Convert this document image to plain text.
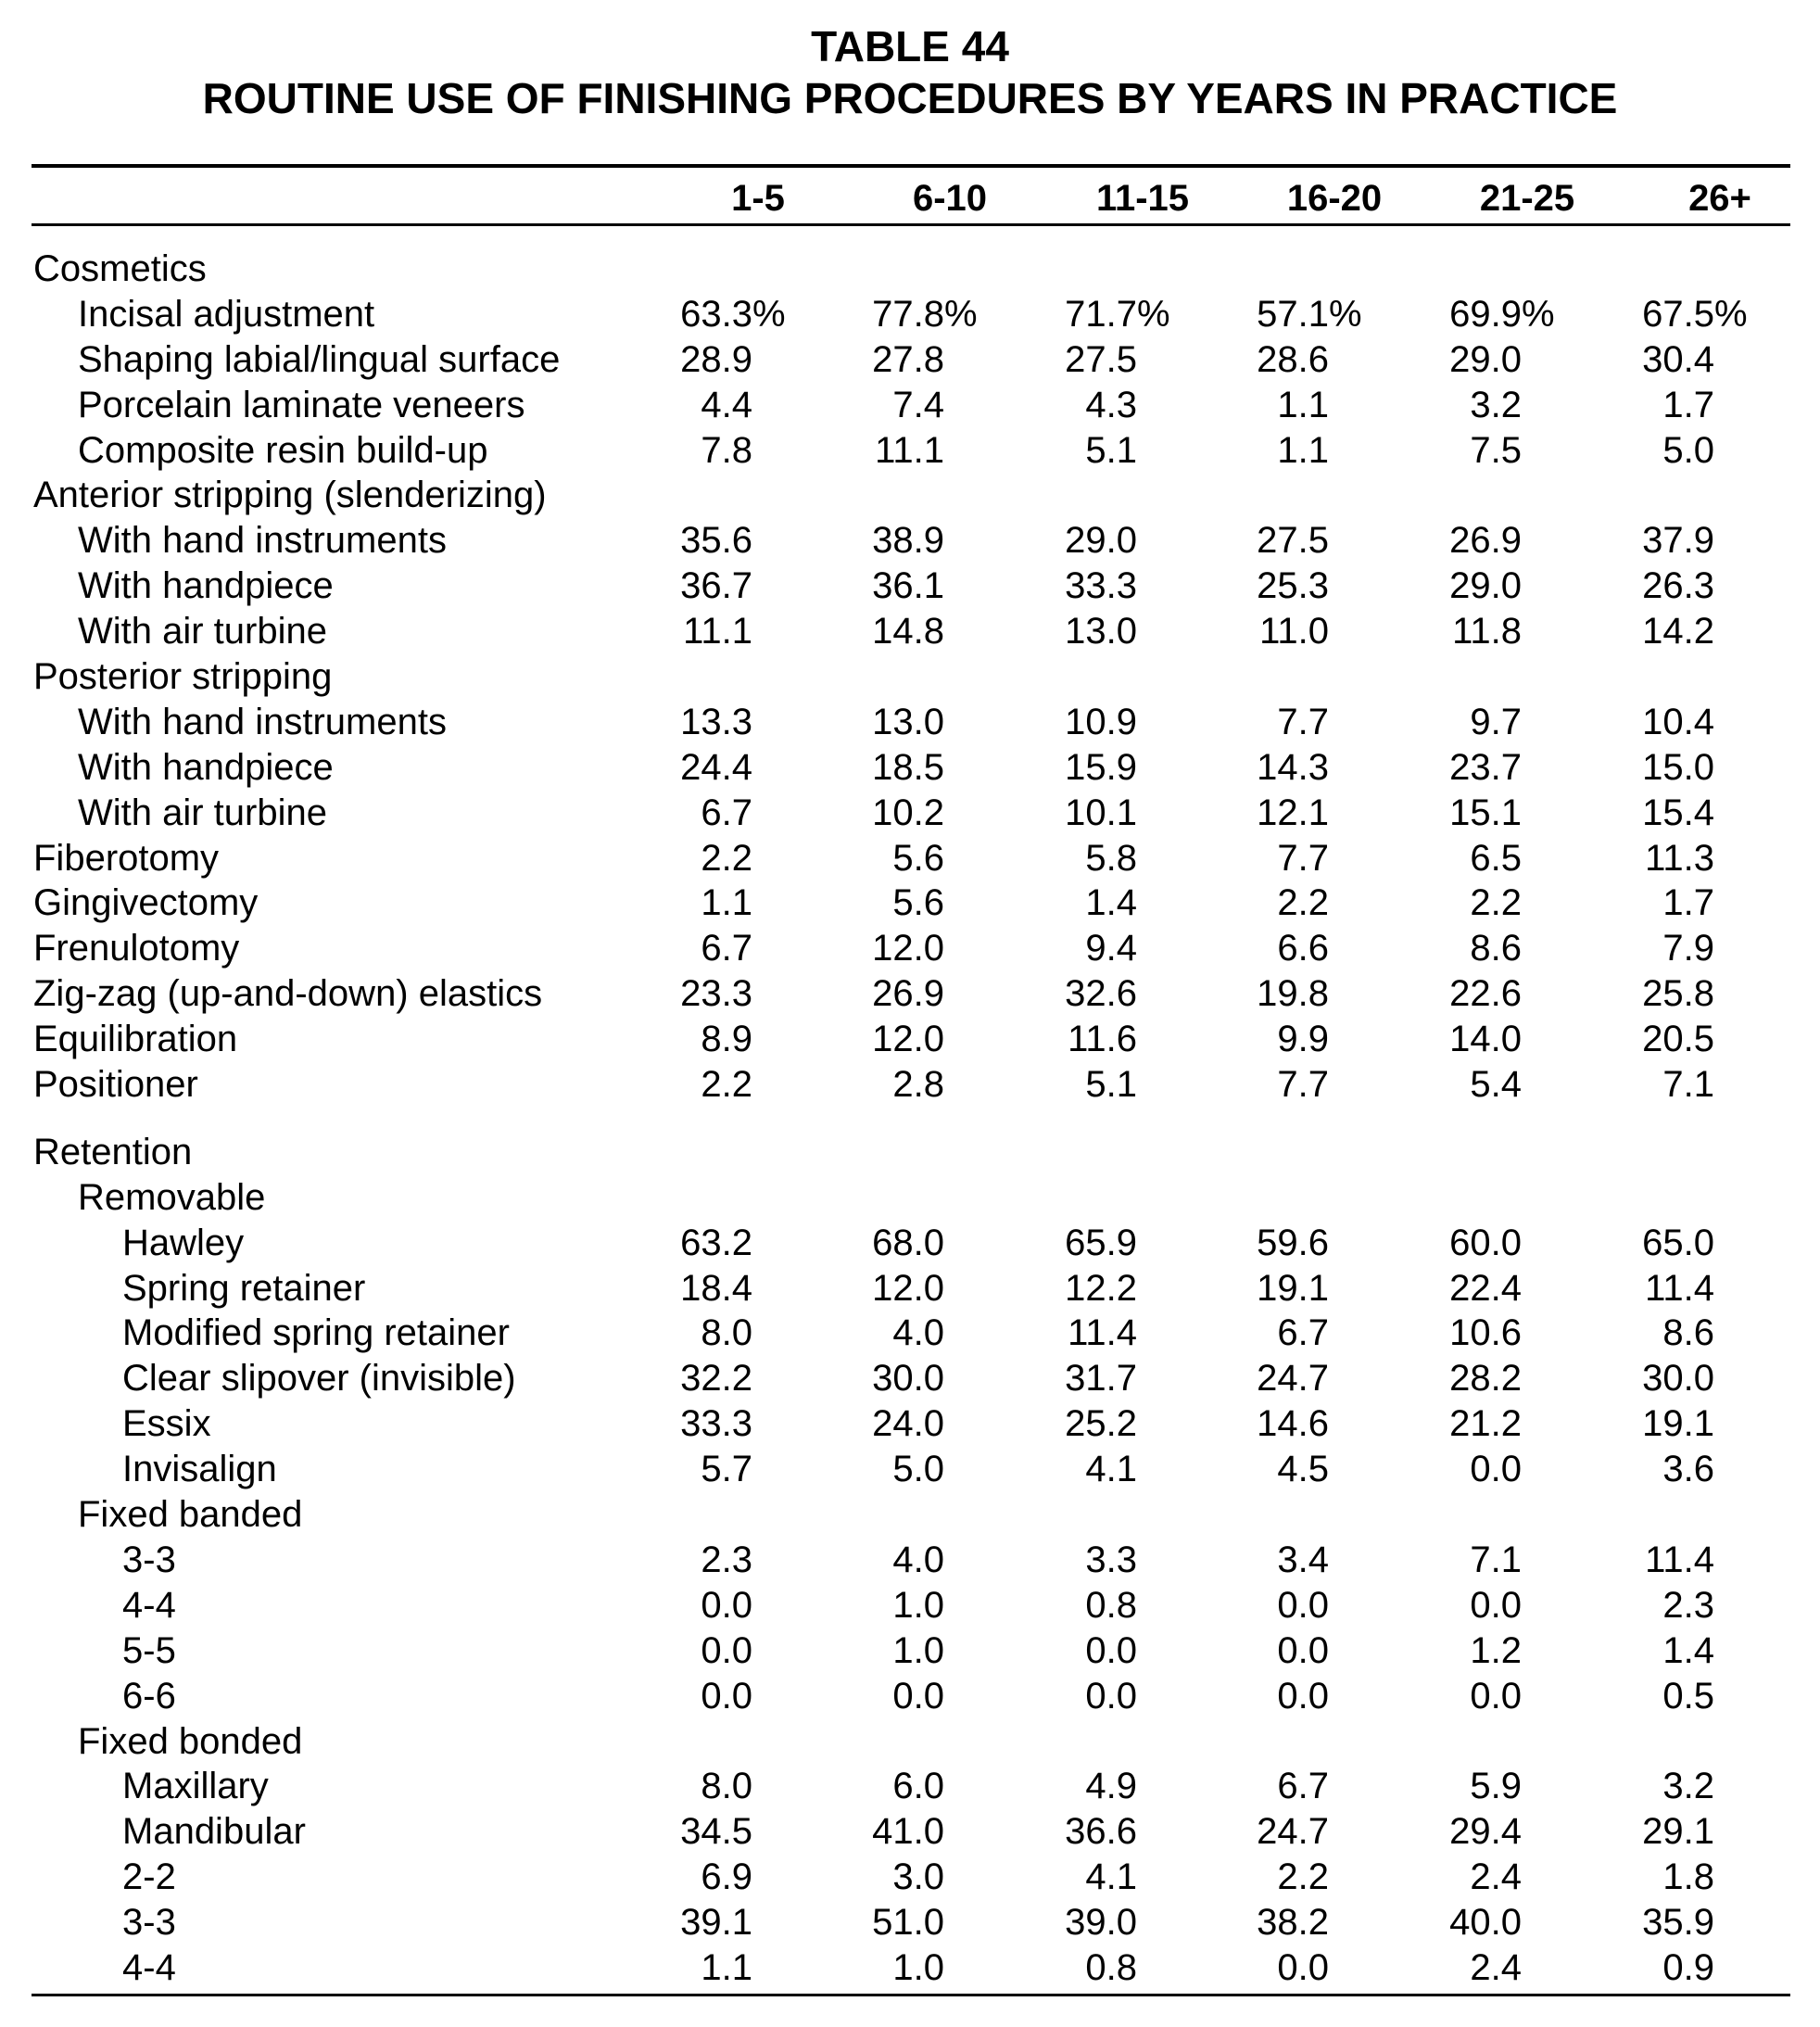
TABLE 44
ROUTINE USE OF FINISHING PROCEDURES BY YEARS IN PRACTICE
1-5	6-10	11-15	16-20	21-25	26+
Cosmetics
Incisal adjustment	63.3%	77.8%	71.7%	57.1%	69.9%	67.5%
Shaping labial/lingual surface	28.9	27.8	27.5	28.6	29.0	30.4
Porcelain laminate veneers	4.4	7.4	4.3	1.1	3.2	1.7
Composite resin build-up	7.8	11.1	5.1	1.1	7.5	5.0
Anterior stripping (slenderizing)
With hand instruments	35.6	38.9	29.0	27.5	26.9	37.9
With handpiece	36.7	36.1	33.3	25.3	29.0	26.3
With air turbine	11.1	14.8	13.0	11.0	11.8	14.2
Posterior stripping
With hand instruments	13.3	13.0	10.9	7.7	9.7	10.4
With handpiece	24.4	18.5	15.9	14.3	23.7	15.0
With air turbine	6.7	10.2	10.1	12.1	15.1	15.4
Fiberotomy	2.2	5.6	5.8	7.7	6.5	11.3
Gingivectomy	1.1	5.6	1.4	2.2	2.2	1.7
Frenulotomy	6.7	12.0	9.4	6.6	8.6	7.9
Zig-zag (up-and-down) elastics	23.3	26.9	32.6	19.8	22.6	25.8
Equilibration	8.9	12.0	11.6	9.9	14.0	20.5
Positioner	2.2	2.8	5.1	7.7	5.4	7.1
Retention
Removable
Hawley	63.2	68.0	65.9	59.6	60.0	65.0
Spring retainer	18.4	12.0	12.2	19.1	22.4	11.4
Modified spring retainer	8.0	4.0	11.4	6.7	10.6	8.6
Clear slipover (invisible)	32.2	30.0	31.7	24.7	28.2	30.0
Essix	33.3	24.0	25.2	14.6	21.2	19.1
Invisalign	5.7	5.0	4.1	4.5	0.0	3.6
Fixed banded
3-3	2.3	4.0	3.3	3.4	7.1	11.4
4-4	0.0	1.0	0.8	0.0	0.0	2.3
5-5	0.0	1.0	0.0	0.0	1.2	1.4
6-6	0.0	0.0	0.0	0.0	0.0	0.5
Fixed bonded
Maxillary	8.0	6.0	4.9	6.7	5.9	3.2
Mandibular	34.5	41.0	36.6	24.7	29.4	29.1
2-2	6.9	3.0	4.1	2.2	2.4	1.8
3-3	39.1	51.0	39.0	38.2	40.0	35.9
4-4	1.1	1.0	0.8	0.0	2.4	0.9
